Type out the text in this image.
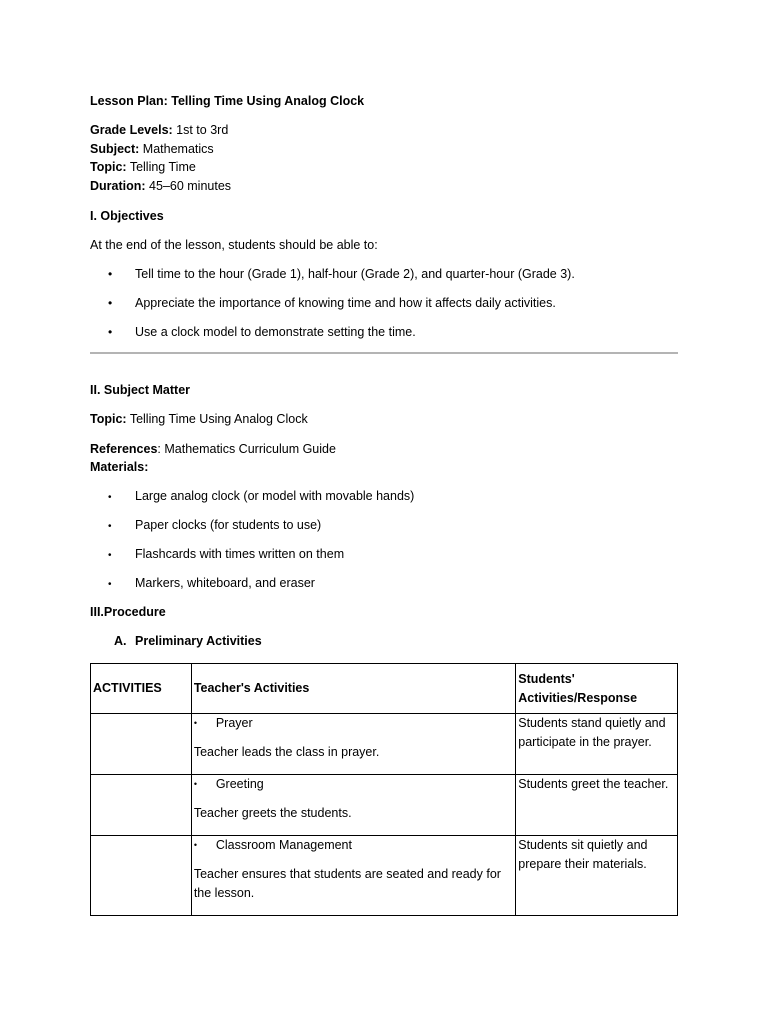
Lesson Plan: Telling Time Using Analog Clock
Grade Levels: 1st to 3rd
Subject: Mathematics
Topic: Telling Time
Duration: 45–60 minutes
I. Objectives
At the end of the lesson, students should be able to:
• Tell time to the hour (Grade 1), half-hour (Grade 2), and quarter-hour (Grade 3).
• Appreciate the importance of knowing time and how it affects daily activities.
• Use a clock model to demonstrate setting the time.
II. Subject Matter
Topic: Telling Time Using Analog Clock
References: Mathematics Curriculum Guide
Materials:
• Large analog clock (or model with movable hands)
• Paper clocks (for students to use)
• Flashcards with times written on them
• Markers, whiteboard, and eraser
III.Procedure
A. Preliminary Activities
ACTIVITIES	Teacher's Activities	Students' Activities/Response

	• Prayer
Teacher leads the class in prayer.	Students stand quietly and participate in the prayer.

	• Greeting
Teacher greets the students.	Students greet the teacher.

	• Classroom Management
Teacher ensures that students are seated and ready for the lesson.	Students sit quietly and prepare their materials.
